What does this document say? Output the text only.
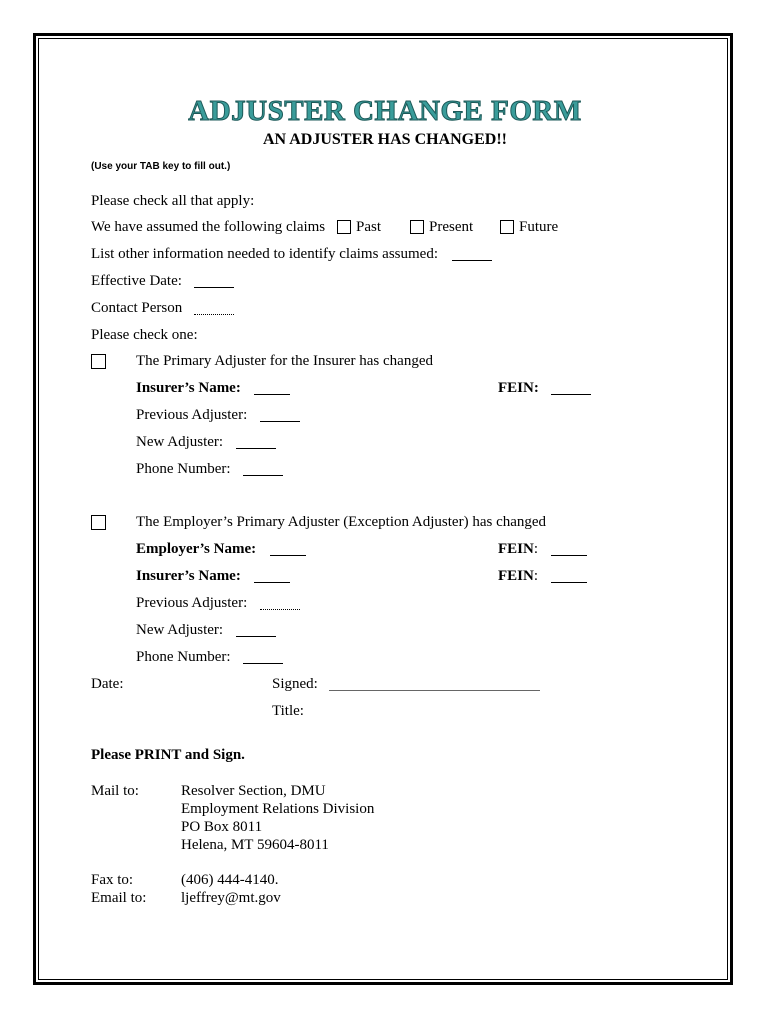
ADJUSTER CHANGE FORM
AN ADJUSTER HAS CHANGED!!
(Use your TAB key to fill out.)
Please check all that apply:
We have assumed the following claims Past	Present	Future
List other information needed to identify claims assumed:
Effective Date:
Contact Person
Please check one:
The Primary Adjuster for the Insurer has changed
Insurer’s Name:	FEIN:
Previous Adjuster:
New Adjuster:
Phone Number:
The Employer’s Primary Adjuster (Exception Adjuster) has changed
Employer’s Name:	FEIN:
Insurer’s Name:	FEIN:
Previous Adjuster:
New Adjuster:
Phone Number:
Date:	Signed:
Title:
Please PRINT and Sign.
Mail to:	Resolver Section, DMU
Employment Relations Division
PO Box 8011
Helena, MT 59604-8011
Fax to:	(406) 444-4140.
Email to: ljeffrey@mt.gov
